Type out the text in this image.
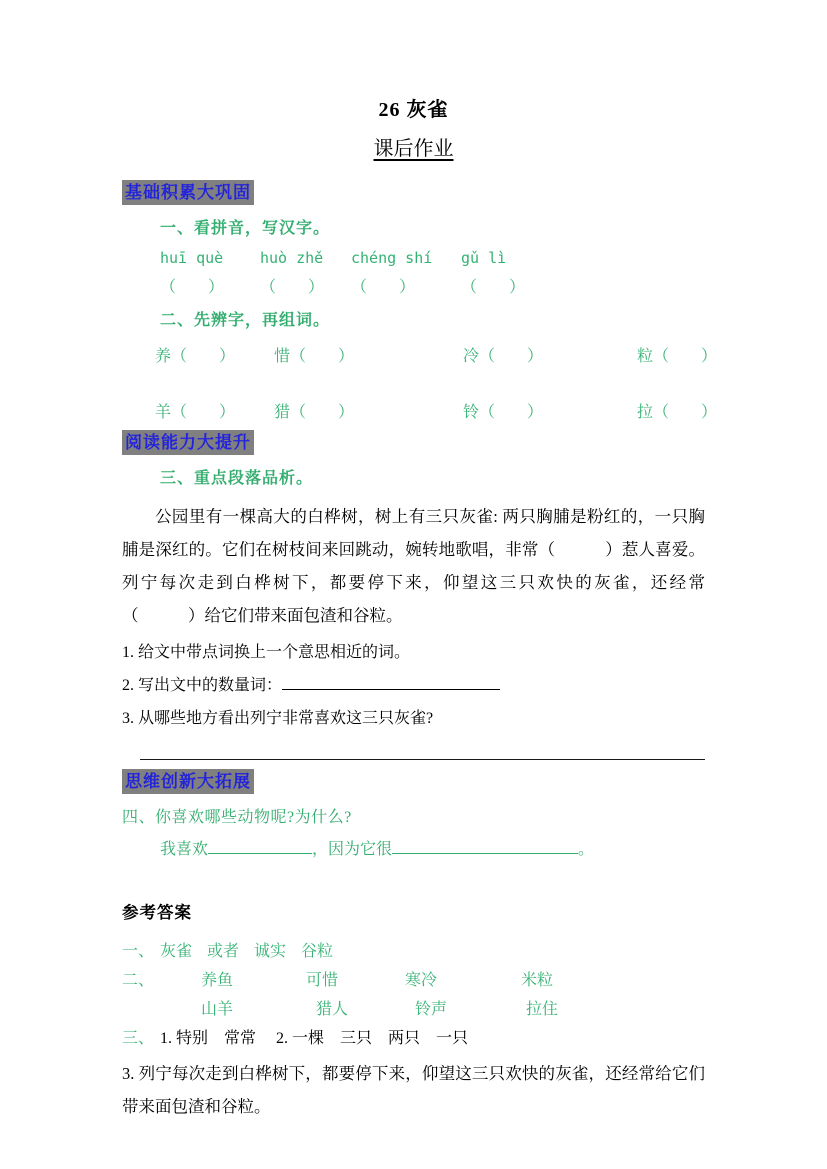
26 灰雀
课后作业
基础积累大巩固
一、看拼音，写汉字。
huī què huò zhě chéng shí gǔ lì
（　　） （　　） （　　）	（　　）
二、先辨字，再组词。
养（　　） 惜（　　）	冷（　　）	粒（　　）
羊（　　） 猎（　　）	铃（　　）	拉（　　）
阅读能力大提升
三、重点段落品析。
公园里有一棵高大的白桦树，树上有三只灰雀: 两只胸脯是粉红的，一只胸
脯是深红的。它们在树枝间来回跳动，婉转地歌唱，非常（　　　）惹人喜爱。
列宁每次走到白桦树下，都要停下来，仰望这三只欢快的灰雀，还经常
（　　　）给它们带来面包渣和谷粒。
1. 给文中带点词换上一个意思相近的词。
2. 写出文中的数量词：
3. 从哪些地方看出列宁非常喜欢这三只灰雀?
思维创新大拓展
四、你喜欢哪些动物呢?为什么?
我喜欢	，因为它很	。
参考答案
一、 灰雀 或者 诚实 谷粒
二、	养鱼	可惜	寒冷	米粒
山羊	猎人	铃声	拉住
三、 1. 特别　常常　 2. 一棵　三只　两只　一只
3. 列宁每次走到白桦树下，都要停下来，仰望这三只欢快的灰雀，还经常给它们
带来面包渣和谷粒。
